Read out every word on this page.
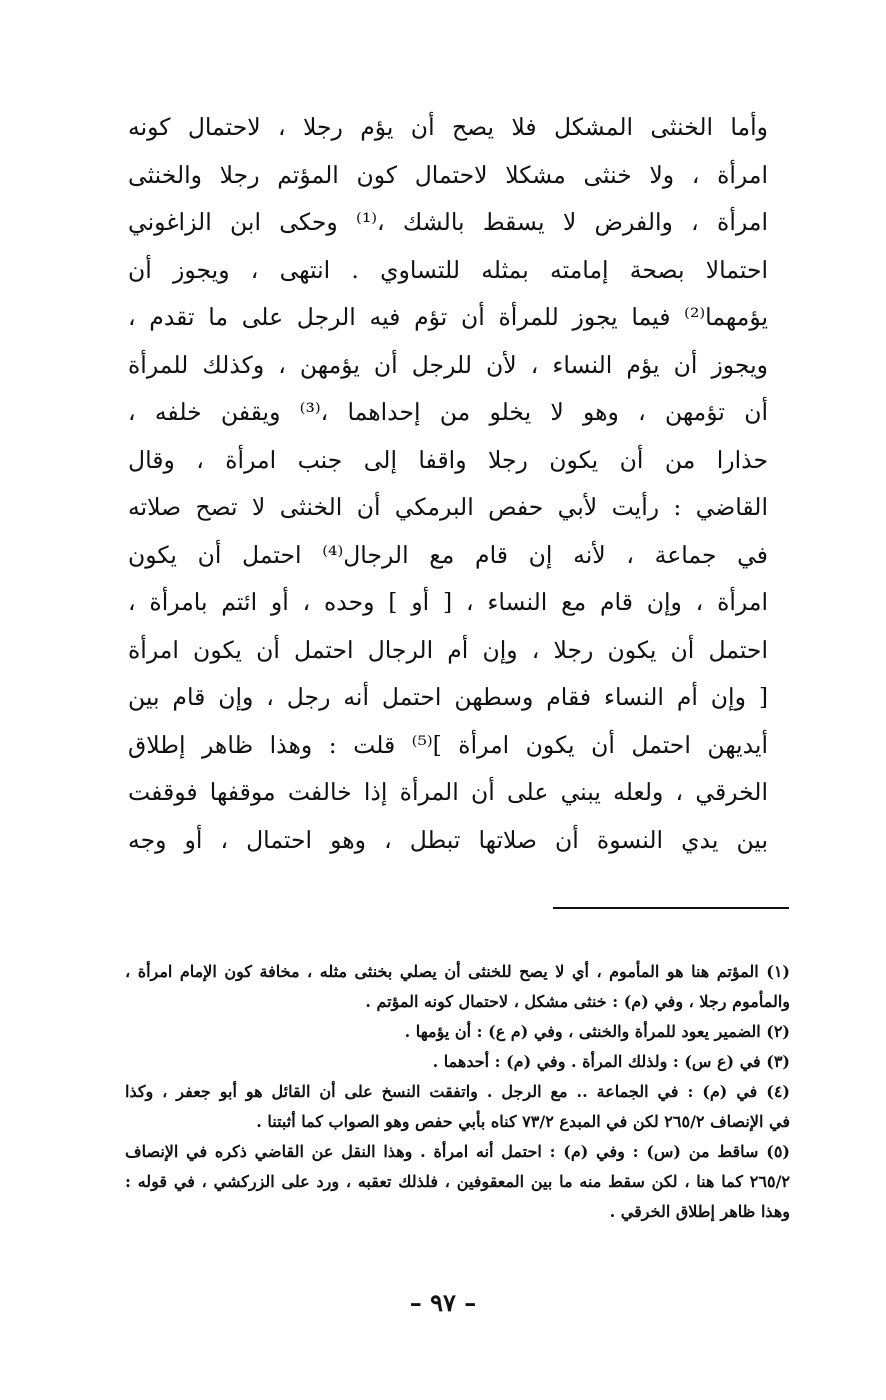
وأما الخنثى المشكل فلا يصح أن يؤم رجلا ، لاحتمال كونه
امرأة ، ولا خنثى مشكلا لاحتمال كون المؤتم رجلا والخنثى
امرأة ، والفرض لا يسقط بالشك ،⁽¹⁾ وحكى ابن الزاغوني
احتمالا بصحة إمامته بمثله للتساوي . انتهى ، ويجوز أن
يؤمهما⁽²⁾ فيما يجوز للمرأة أن تؤم فيه الرجل على ما تقدم ،
ويجوز أن يؤم النساء ، لأن للرجل أن يؤمهن ، وكذلك للمرأة
أن تؤمهن ، وهو لا يخلو من إحداهما ،⁽³⁾ ويقفن خلفه ،
حذارا من أن يكون رجلا واقفا إلى جنب امرأة ، وقال
القاضي : رأيت لأبي حفص البرمكي أن الخنثى لا تصح صلاته
في جماعة ، لأنه إن قام مع الرجال⁽⁴⁾ احتمل أن يكون
امرأة ، وإن قام مع النساء ، [ أو ] وحده ، أو ائتم بامرأة ،
احتمل أن يكون رجلا ، وإن أم الرجال احتمل أن يكون امرأة
[ وإن أم النساء فقام وسطهن احتمل أنه رجل ، وإن قام بين
أيديهن احتمل أن يكون امرأة ]⁽⁵⁾ قلت : وهذا ظاهر إطلاق
الخرقي ، ولعله يبني على أن المرأة إذا خالفت موقفها فوقفت
بين يدي النسوة أن صلاتها تبطل ، وهو احتمال ، أو وجه
(١) المؤتم هنا هو المأموم ، أي لا يصح للخنثى أن يصلي بخنثى مثله ، مخافة كون الإمام امرأة ،
والمأموم رجلا ، وفي (م) : خنثى مشكل ، لاحتمال كونه المؤتم .
(٢) الضمير يعود للمرأة والخنثى ، وفي (م ع) : أن يؤمها .
(٣) في (ع س) : ولذلك المرأة . وفي (م) : أحدهما .
(٤) في (م) : في الجماعة .. مع الرجل . واتفقت النسخ على أن القائل هو أبو جعفر ، وكذا
في الإنصاف ٢٦٥/٢ لكن في المبدع ٧٣/٢ كناه بأبي حفص وهو الصواب كما أثبتنا .
(٥) ساقط من (س) : وفي (م) : احتمل أنه امرأة . وهذا النقل عن القاضي ذكره في الإنصاف
٢٦٥/٢ كما هنا ، لكن سقط منه ما بين المعقوفين ، فلذلك تعقبه ، ورد على الزركشي ، في قوله :
وهذا ظاهر إطلاق الخرقي .
– ٩٧ –
